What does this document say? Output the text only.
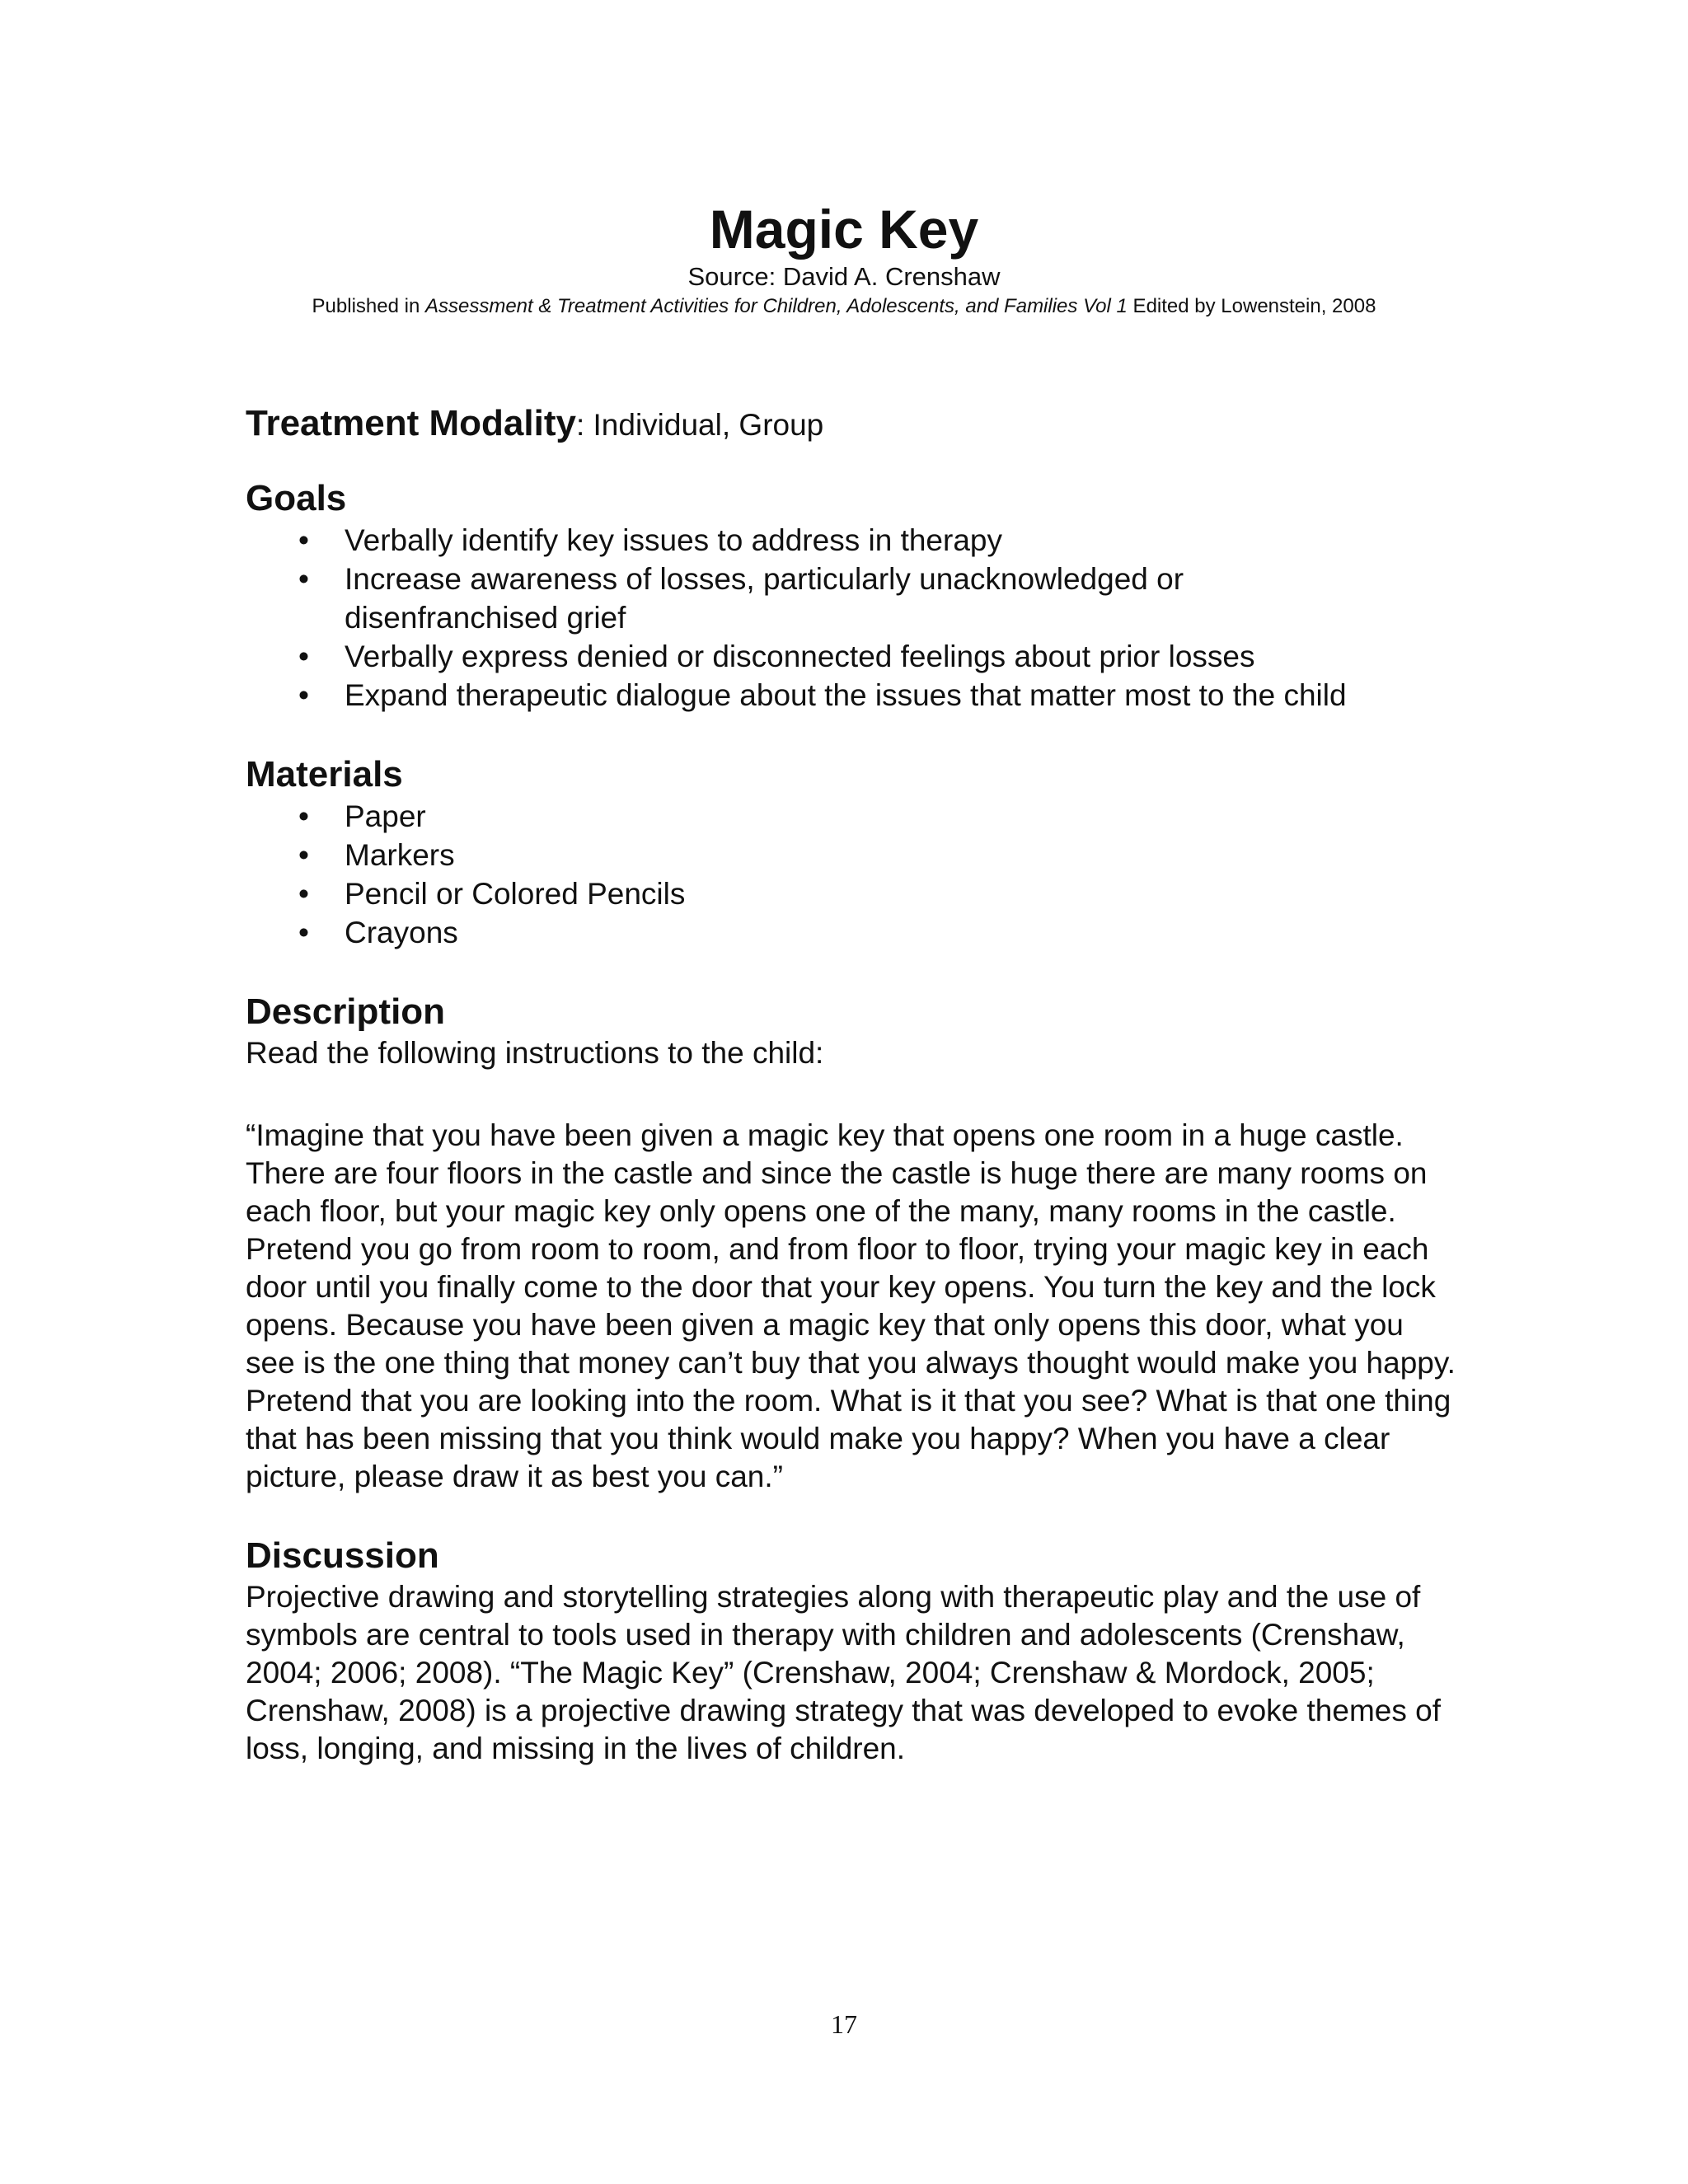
Magic Key

Source: David A. Crenshaw

Published in Assessment & Treatment Activities for Children, Adolescents, and Families Vol 1 Edited by Lowenstein, 2008

Treatment Modality: Individual, Group

Goals
• Verbally identify key issues to address in therapy
• Increase awareness of losses, particularly unacknowledged or disenfranchised grief
• Verbally express denied or disconnected feelings about prior losses
• Expand therapeutic dialogue about the issues that matter most to the child
Materials
• Paper
• Markers
• Pencil or Colored Pencils
• Crayons
Description

Read the following instructions to the child:

“Imagine that you have been given a magic key that opens one room in a huge castle. There are four floors in the castle and since the castle is huge there are many rooms on each floor, but your magic key only opens one of the many, many rooms in the castle. Pretend you go from room to room, and from floor to floor, trying your magic key in each door until you finally come to the door that your key opens. You turn the key and the lock opens. Because you have been given a magic key that only opens this door, what you see is the one thing that money can’t buy that you always thought would make you happy. Pretend that you are looking into the room. What is it that you see? What is that one thing that has been missing that you think would make you happy? When you have a clear picture, please draw it as best you can.”

Discussion

Projective drawing and storytelling strategies along with therapeutic play and the use of symbols are central to tools used in therapy with children and adolescents (Crenshaw, 2004; 2006; 2008). “The Magic Key” (Crenshaw, 2004; Crenshaw & Mordock, 2005; Crenshaw, 2008) is a projective drawing strategy that was developed to evoke themes of loss, longing, and missing in the lives of children.

17
